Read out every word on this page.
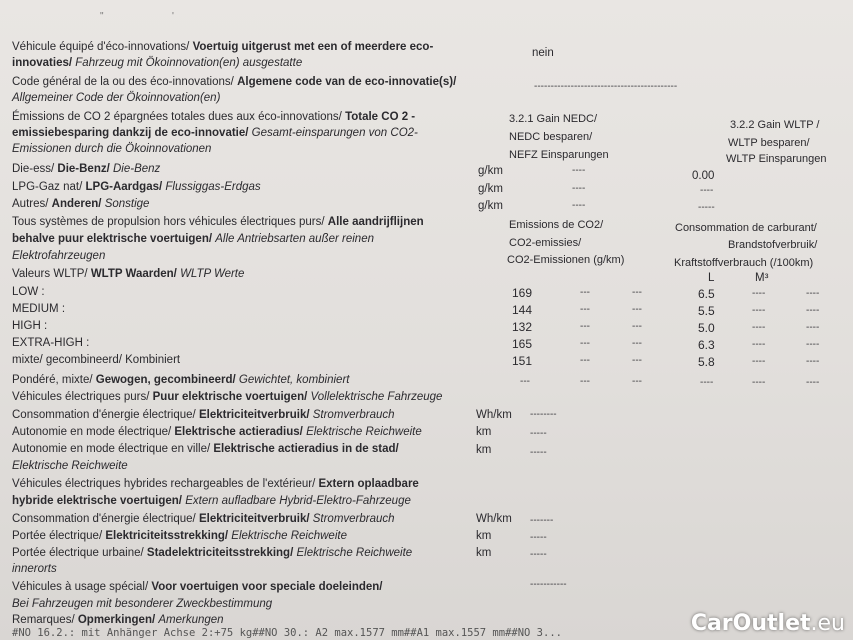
"	'
Véhicule équipé d'éco-innovations/ Voertuig uitgerust met een of meerdere eco-
innovaties/ Fahrzeug mit Ökoinnovation(en) ausgestatte
nein
Code général de la ou des éco-innovations/ Algemene code van de eco-innovatie(s)/
Allgemeiner Code der Ökoinnovation(en)
-------------------------------------------
Émissions de CO 2 épargnées totales dues aux éco-innovations/ Totale CO 2 -
emissiebesparing dankzij de eco-innovatie/ Gesamt-einsparungen von CO2-
Emissionen durch die Ökoinnovationen
3.2.1 Gain NEDC/
NEDC besparen/
NEFZ Einsparungen
3.2.2 Gain WLTP /
WLTP besparen/
WLTP Einsparungen
Die-ess/ Die-Benz/ Die-Benz	g/km	----	0.00
LPG-Gaz nat/ LPG-Aardgas/ Flussiggas-Erdgas	g/km	----	----
Autres/ Anderen/ Sonstige	g/km	----	-----
Tous systèmes de propulsion hors véhicules électriques purs/ Alle aandrijflijnen
behalve puur elektrische voertuigen/ Alle Antriebsarten außer reinen
Elektrofahrzeugen
Emissions de CO2/
CO2-emissies/
CO2-Emissionen (g/km)
Consommation de carburant/
Brandstofverbruik/
Kraftstoffverbrauch (/100km)
Valeurs WLTP/ WLTP Waarden/ WLTP Werte	L	M³
LOW :	169	---	---	6.5	----	----
MEDIUM :	144	---	---	5.5	----	----
HIGH :	132	---	---	5.0	----	----
EXTRA-HIGH :	165	---	---	6.3	----	----
mixte/ gecombineerd/ Kombiniert	151	---	---	5.8	----	----
Pondéré, mixte/ Gewogen, gecombineerd/ Gewichtet, kombiniert	---	---	---	----	----	----
Véhicules électriques purs/ Puur elektrische voertuigen/ Vollelektrische Fahrzeuge
Consommation d'énergie électrique/ Elektriciteitverbruik/ Stromverbrauch	Wh/km --------
Autonomie en mode électrique/ Elektrische actieradius/ Elektrische Reichweite	km	-----
Autonomie en mode électrique en ville/ Elektrische actieradius in de stad/
Elektrische Reichweite
km	-----
Véhicules électriques hybrides rechargeables de l'extérieur/ Extern oplaadbare
hybride elektrische voertuigen/ Extern aufladbare Hybrid-Elektro-Fahrzeuge
Consommation d'énergie électrique/ Elektriciteitverbruik/ Stromverbrauch	Wh/km -------
Portée électrique/ Elektriciteitsstrekking/ Elektrische Reichweite	km	-----
Portée électrique urbaine/ Stadelektriciteitsstrekking/ Elektrische Reichweite
innerorts
km	-----
Véhicules à usage spécial/ Voor voertuigen voor speciale doeleinden/
Bei Fahrzeugen mit besonderer Zweckbestimmung
-----------
Remarques/ Opmerkingen/ Amerkungen
#NO 16.2.: mit Anhänger Achse 2:+75 kg##NO 30.: A2 max.1577 mm##A1 max.1557 mm##NO 3...	CarOutlet.eu
